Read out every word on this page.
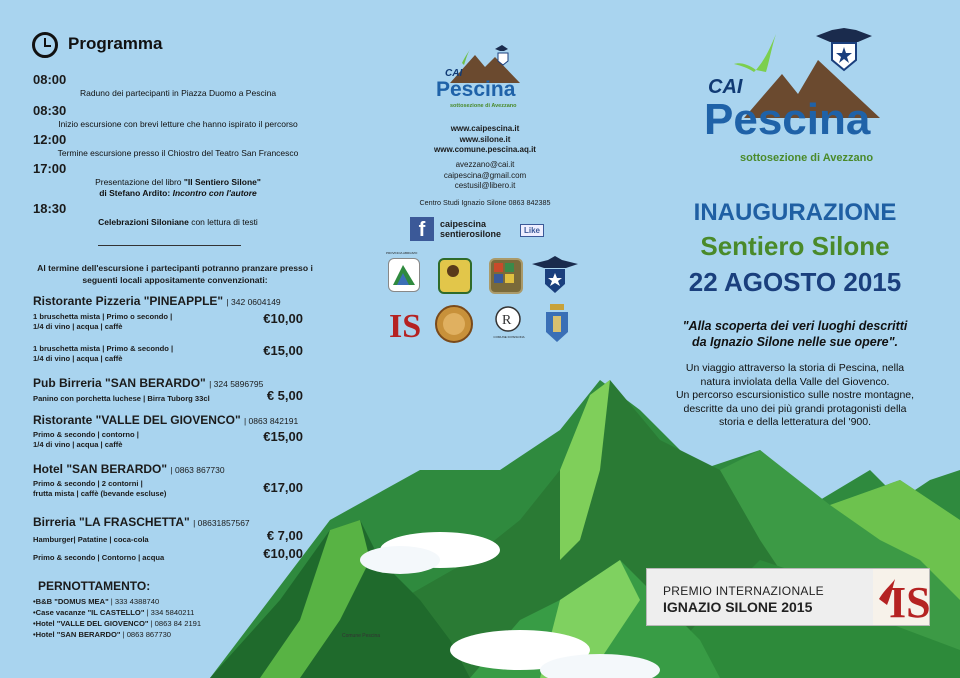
Programma
08:00
Raduno dei partecipanti in Piazza Duomo a Pescina
08:30
Inizio escursione con brevi letture che hanno ispirato il percorso
12:00
Termine escursione presso il Chiostro del Teatro San Francesco
17:00
Presentazione del libro "Il Sentiero Silone"
di Stefano Ardito: Incontro con l'autore
18:30
Celebrazioni Siloniane con lettura di testi
Al termine dell'escursione i partecipanti potranno pranzare presso i seguenti locali appositamente convenzionati:
Ristorante Pizzeria "PINEAPPLE" | 342 0604149
1 bruschetta mista | Primo o secondo |
1/4 di vino | acqua | caffè
€10,00
1 bruschetta mista | Primo & secondo |
1/4 di vino | acqua | caffè
€15,00
Pub Birreria "SAN BERARDO" | 324 5896795
Panino con porchetta luchese | Birra Tuborg 33cl	€ 5,00
Ristorante "VALLE DEL GIOVENCO" | 0863 842191
Primo & secondo | contorno |
1/4 di vino | acqua | caffè
€15,00
Hotel "SAN BERARDO" | 0863 867730
Primo & secondo | 2 contorni |
frutta mista | caffè (bevande escluse)	€17,00
Birreria "LA FRASCHETTA" | 08631857567
Hamburger| Patatine | coca-cola	€ 7,00
Primo & secondo | Contorno | acqua	€10,00
PERNOTTAMENTO:
•B&B "DOMUS MEA" | 333 4388740
•Case vacanze "IL CASTELLO" | 334 5840211
•Hotel "VALLE DEL GIOVENCO" | 0863 84 2191
•Hotel "SAN BERARDO" | 0863 867730	Comune Pescina
CAI
Pescina
sottosezione di Avezzano
www.caipescina.it
www.silone.it
www.comune.pescina.aq.it
avezzano@cai.it
caipescina@gmail.com
cestusil@libero.it
Centro Studi Ignazio Silone 0863 842385
f	caipescina
sentierosilone	Like
PROVINCIA ABRUZZO
IS	R
COMUNE DI PESCINA
CAI
Pescina
sottosezione di Avezzano
INAUGURAZIONE
Sentiero Silone
22 AGOSTO 2015
"Alla scoperta dei veri luoghi descritti
da Ignazio Silone nelle sue opere".
Un viaggio attraverso la storia di Pescina, nella
natura inviolata della Valle del Giovenco.
Un percorso escursionistico sulle nostre montagne,
descritte da uno dei più grandi protagonisti della
storia e della letteratura del '900.
PREMIO INTERNAZIONALE
IGNAZIO SILONE 2015 IS
